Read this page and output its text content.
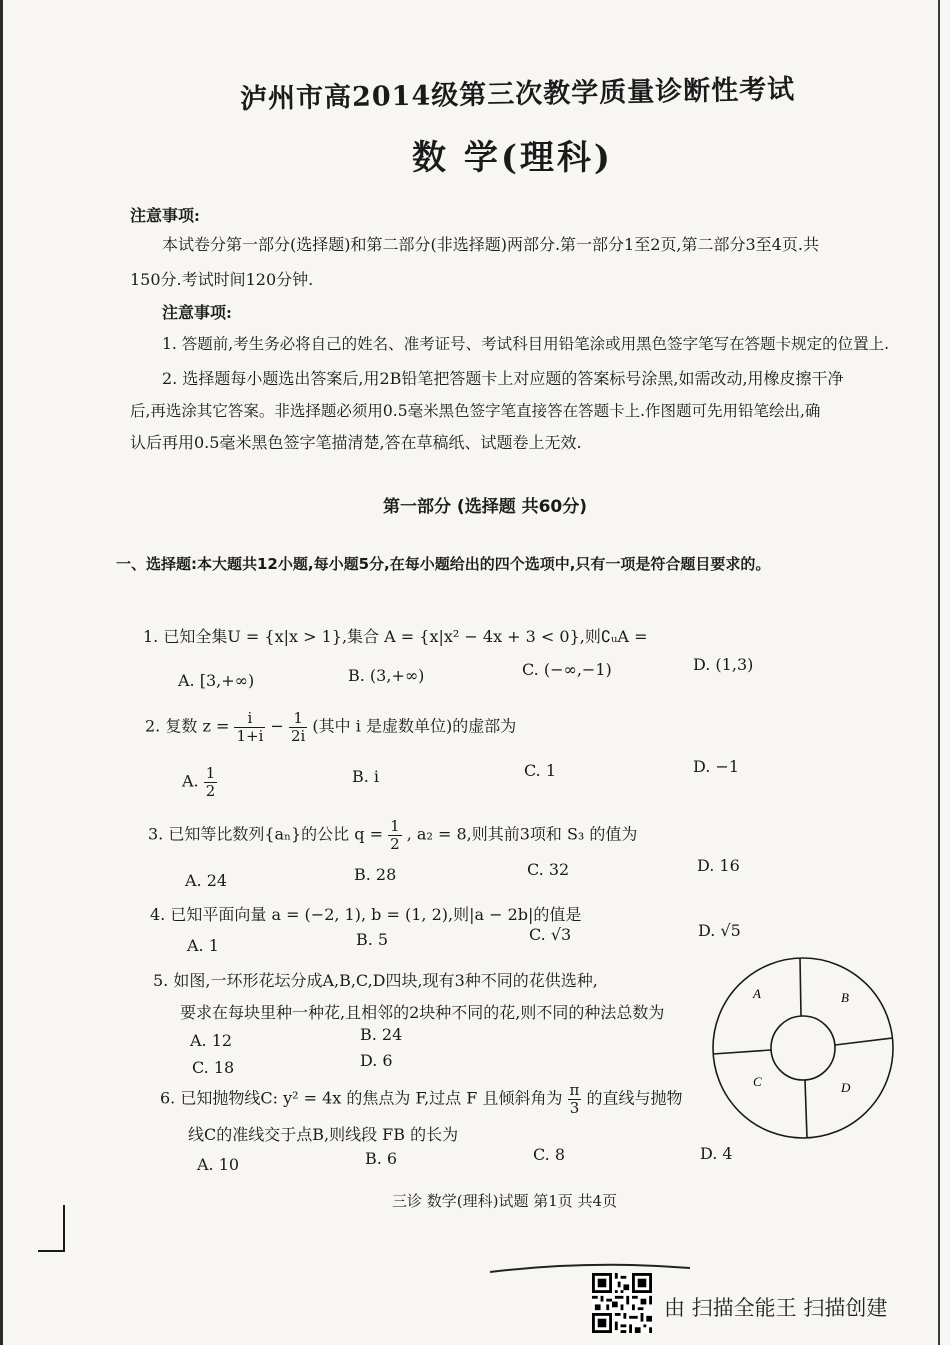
泸州市高2014级第三次教学质量诊断性考试
数 学(理科)
注意事项:
本试卷分第一部分(选择题)和第二部分(非选择题)两部分.第一部分1至2页,第二部分3至4页.共
150分.考试时间120分钟.
注意事项:
1. 答题前,考生务必将自己的姓名、准考证号、考试科目用铅笔涂或用黑色签字笔写在答题卡规定的位置上.
2. 选择题每小题选出答案后,用2B铅笔把答题卡上对应题的答案标号涂黑,如需改动,用橡皮擦干净
后,再选涂其它答案。非选择题必须用0.5毫米黑色签字笔直接答在答题卡上.作图题可先用铅笔绘出,确
认后再用0.5毫米黑色签字笔描清楚,答在草稿纸、试题卷上无效.
第一部分 (选择题 共60分)
一、选择题:本大题共12小题,每小题5分,在每小题给出的四个选项中,只有一项是符合题目要求的。
1. 已知全集U = {x|x > 1},集合 A = {x|x² − 4x + 3 < 0},则∁ᵤA =
A. [3,+∞)	B. (3,+∞)	C. (−∞,−1)	D. (1,3)
2. 复数 $z = \frac{i}{1+i} - \frac{1}{2i}$ (其中 i 是虚数单位)的虚部为
A. $\frac{1}{2}$	B. i	C. 1	D. −1
3. 已知等比数列{aₙ}的公比 $q = \frac{1}{2}$ , a₂ = 8,则其前3项和 S₃ 的值为
A. 24	B. 28	C. 32	D. 16
4. 已知平面向量 a = (−2, 1), b = (1, 2),则|a − 2b|的值是
A. 1	B. 5	C. √3	D. √5
5. 如图,一环形花坛分成A,B,C,D四块,现有3种不同的花供选种,
要求在每块里种一种花,且相邻的2块种不同的花,则不同的种法总数为
A. 12	B. 24
C. 18	D. 6
6. 已知抛物线C: y² = 4x 的焦点为 F,过点 F 且倾斜角为 $\frac{\pi}{3}$ 的直线与抛物
线C的准线交于点B,则线段 FB 的长为
A. 10	B. 6	C. 8	D. 4
A	B
C	D
三诊 数学(理科)试题 第1页 共4页
由 扫描全能王 扫描创建
